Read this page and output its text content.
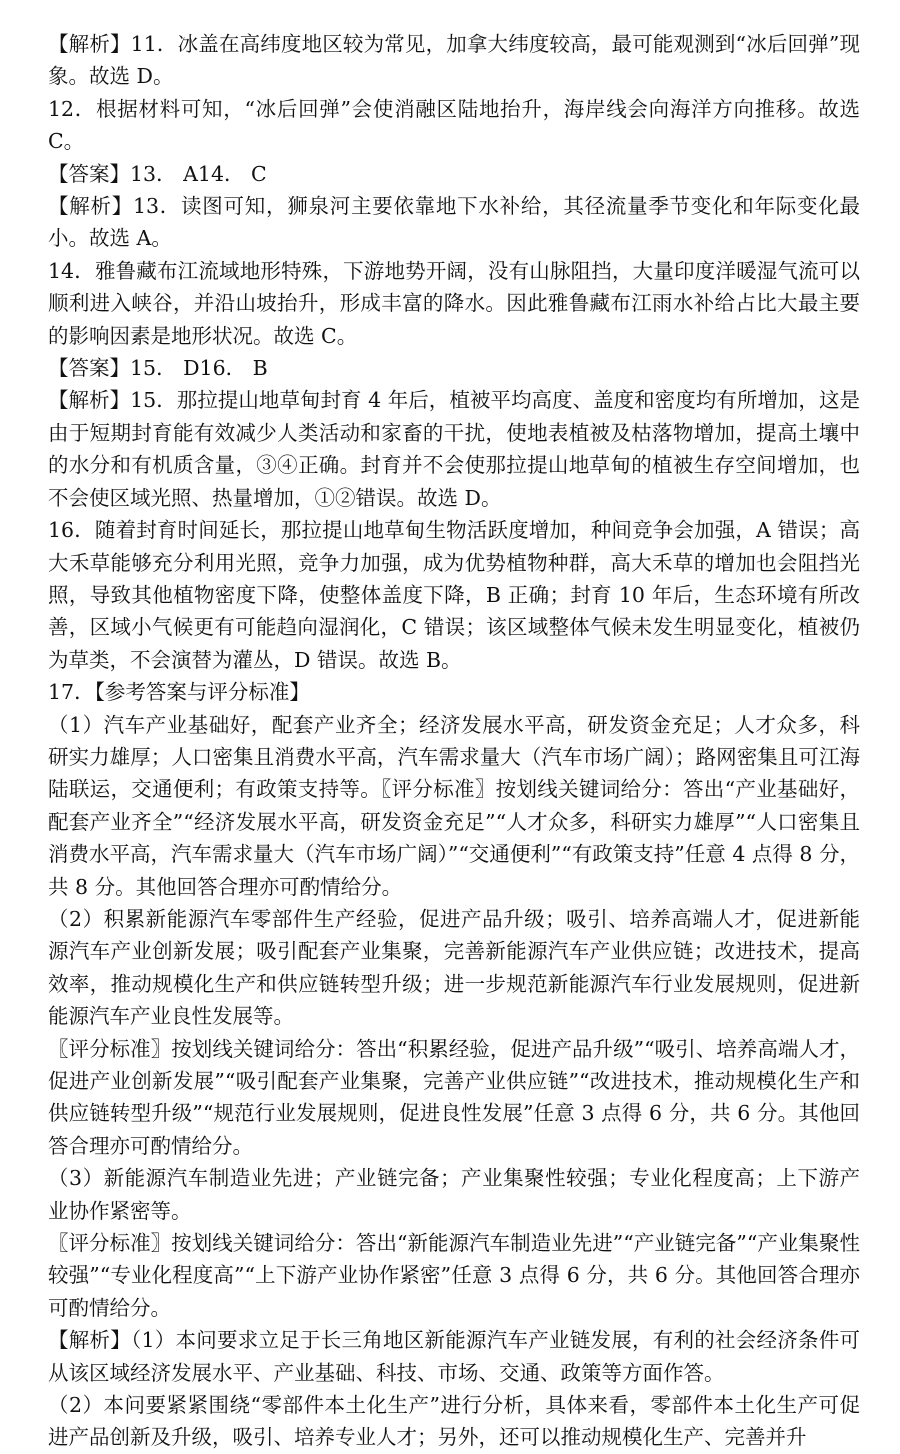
【解析】11．冰盖在高纬度地区较为常见，加拿大纬度较高，最可能观测到“冰后回弹”现象。故选 D。

12．根据材料可知，“冰后回弹”会使消融区陆地抬升，海岸线会向海洋方向推移。故选 C。

【答案】13． A14． C

【解析】13．读图可知，狮泉河主要依靠地下水补给，其径流量季节变化和年际变化最小。故选 A。

14．雅鲁藏布江流域地形特殊，下游地势开阔，没有山脉阻挡，大量印度洋暖湿气流可以顺利进入峡谷，并沿山坡抬升，形成丰富的降水。因此雅鲁藏布江雨水补给占比大最主要的影响因素是地形状况。故选 C。

【答案】15． D16． B

【解析】15．那拉提山地草甸封育 4 年后，植被平均高度、盖度和密度均有所增加，这是由于短期封育能有效减少人类活动和家畜的干扰，使地表植被及枯落物增加，提高土壤中的水分和有机质含量，③④正确。封育并不会使那拉提山地草甸的植被生存空间增加，也不会使区域光照、热量增加，①②错误。故选 D。

16．随着封育时间延长，那拉提山地草甸生物活跃度增加，种间竞争会加强，A 错误；高大禾草能够充分利用光照，竞争力加强，成为优势植物种群，高大禾草的增加也会阻挡光照，导致其他植物密度下降，使整体盖度下降，B 正确；封育 10 年后，生态环境有所改善，区域小气候更有可能趋向湿润化，C 错误；该区域整体气候未发生明显变化，植被仍为草类，不会演替为灌丛，D 错误。故选 B。

17．【参考答案与评分标准】

（1）汽车产业基础好，配套产业齐全；经济发展水平高，研发资金充足；人才众多，科研实力雄厚；人口密集且消费水平高，汽车需求量大（汽车市场广阔）；路网密集且可江海陆联运，交通便利；有政策支持等。〖评分标准〗按划线关键词给分：答出“产业基础好，配套产业齐全”“经济发展水平高，研发资金充足”“人才众多，科研实力雄厚”“人口密集且消费水平高，汽车需求量大（汽车市场广阔）”“交通便利”“有政策支持”任意 4 点得 8 分，共 8 分。其他回答合理亦可酌情给分。

（2）积累新能源汽车零部件生产经验，促进产品升级；吸引、培养高端人才，促进新能源汽车产业创新发展；吸引配套产业集聚，完善新能源汽车产业供应链；改进技术，提高效率，推动规模化生产和供应链转型升级；进一步规范新能源汽车行业发展规则，促进新能源汽车产业良性发展等。

〖评分标准〗按划线关键词给分：答出“积累经验，促进产品升级”“吸引、培养高端人才，促进产业创新发展”“吸引配套产业集聚，完善产业供应链”“改进技术，推动规模化生产和供应链转型升级”“规范行业发展规则，促进良性发展”任意 3 点得 6 分，共 6 分。其他回答合理亦可酌情给分。

（3）新能源汽车制造业先进；产业链完备；产业集聚性较强；专业化程度高；上下游产业协作紧密等。

〖评分标准〗按划线关键词给分：答出“新能源汽车制造业先进”“产业链完备”“产业集聚性较强”“专业化程度高”“上下游产业协作紧密”任意 3 点得 6 分，共 6 分。其他回答合理亦可酌情给分。

【解析】（1）本问要求立足于长三角地区新能源汽车产业链发展，有利的社会经济条件可从该区域经济发展水平、产业基础、科技、市场、交通、政策等方面作答。

（2）本问要紧紧围绕“零部件本土化生产”进行分析，具体来看，零部件本土化生产可促进产品创新及升级，吸引、培养专业人才；另外，还可以推动规模化生产、完善并升
